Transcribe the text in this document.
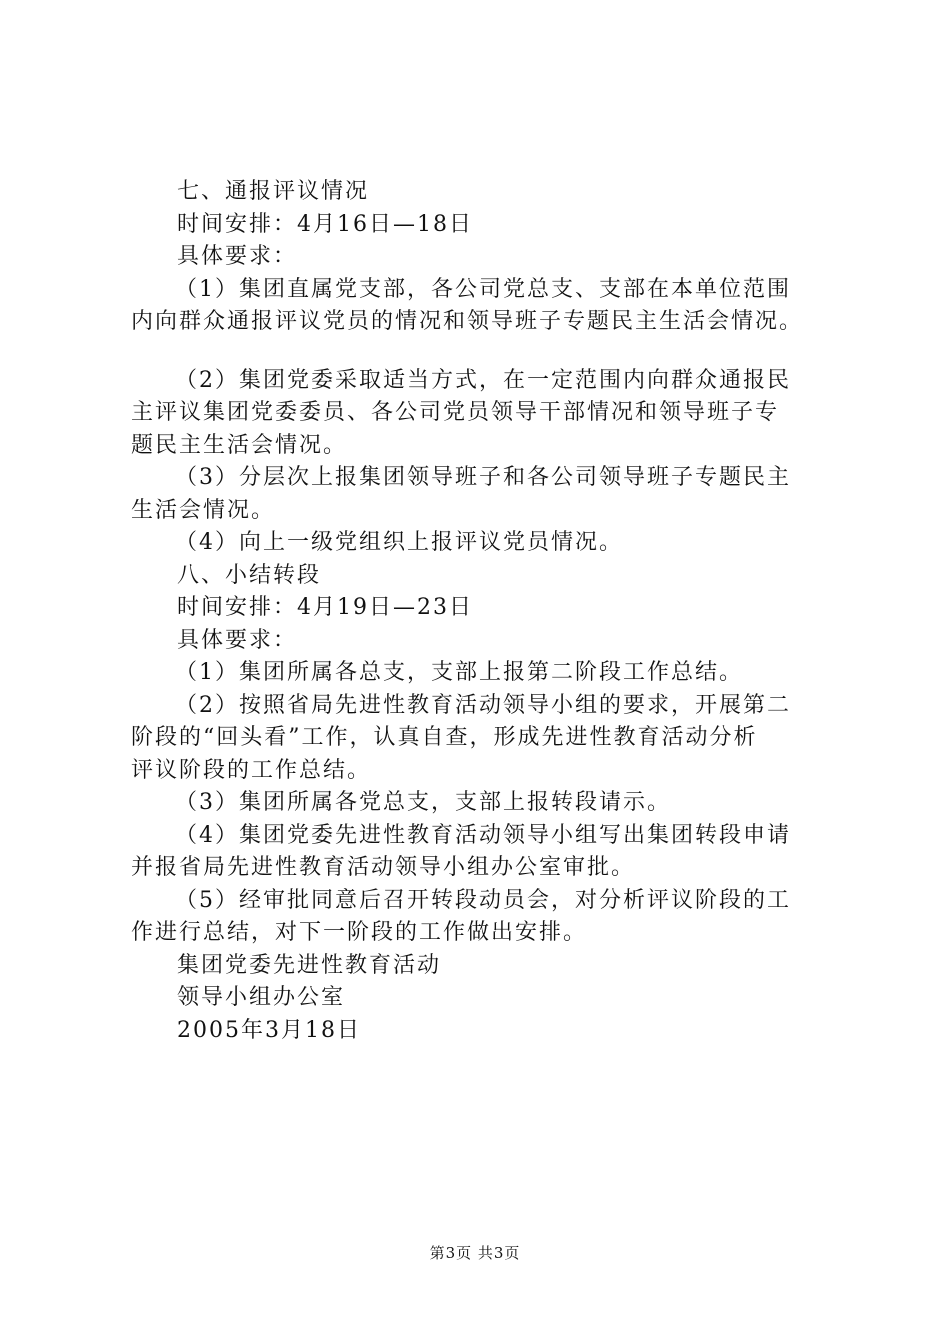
七、通报评议情况
时间安排：4月16日—18日
具体要求：
（1）集团直属党支部，各公司党总支、支部在本单位范围
内向群众通报评议党员的情况和领导班子专题民主生活会情况。
（2）集团党委采取适当方式，在一定范围内向群众通报民
主评议集团党委委员、各公司党员领导干部情况和领导班子专
题民主生活会情况。
（3）分层次上报集团领导班子和各公司领导班子专题民主
生活会情况。
（4）向上一级党组织上报评议党员情况。
八、小结转段
时间安排：4月19日—23日
具体要求：
（1）集团所属各总支，支部上报第二阶段工作总结。
（2）按照省局先进性教育活动领导小组的要求，开展第二
阶段的“回头看”工作，认真自查，形成先进性教育活动分析
评议阶段的工作总结。
（3）集团所属各党总支，支部上报转段请示。
（4）集团党委先进性教育活动领导小组写出集团转段申请
并报省局先进性教育活动领导小组办公室审批。
（5）经审批同意后召开转段动员会，对分析评议阶段的工
作进行总结，对下一阶段的工作做出安排。
集团党委先进性教育活动
领导小组办公室
2005年3月18日
第3页 共3页
